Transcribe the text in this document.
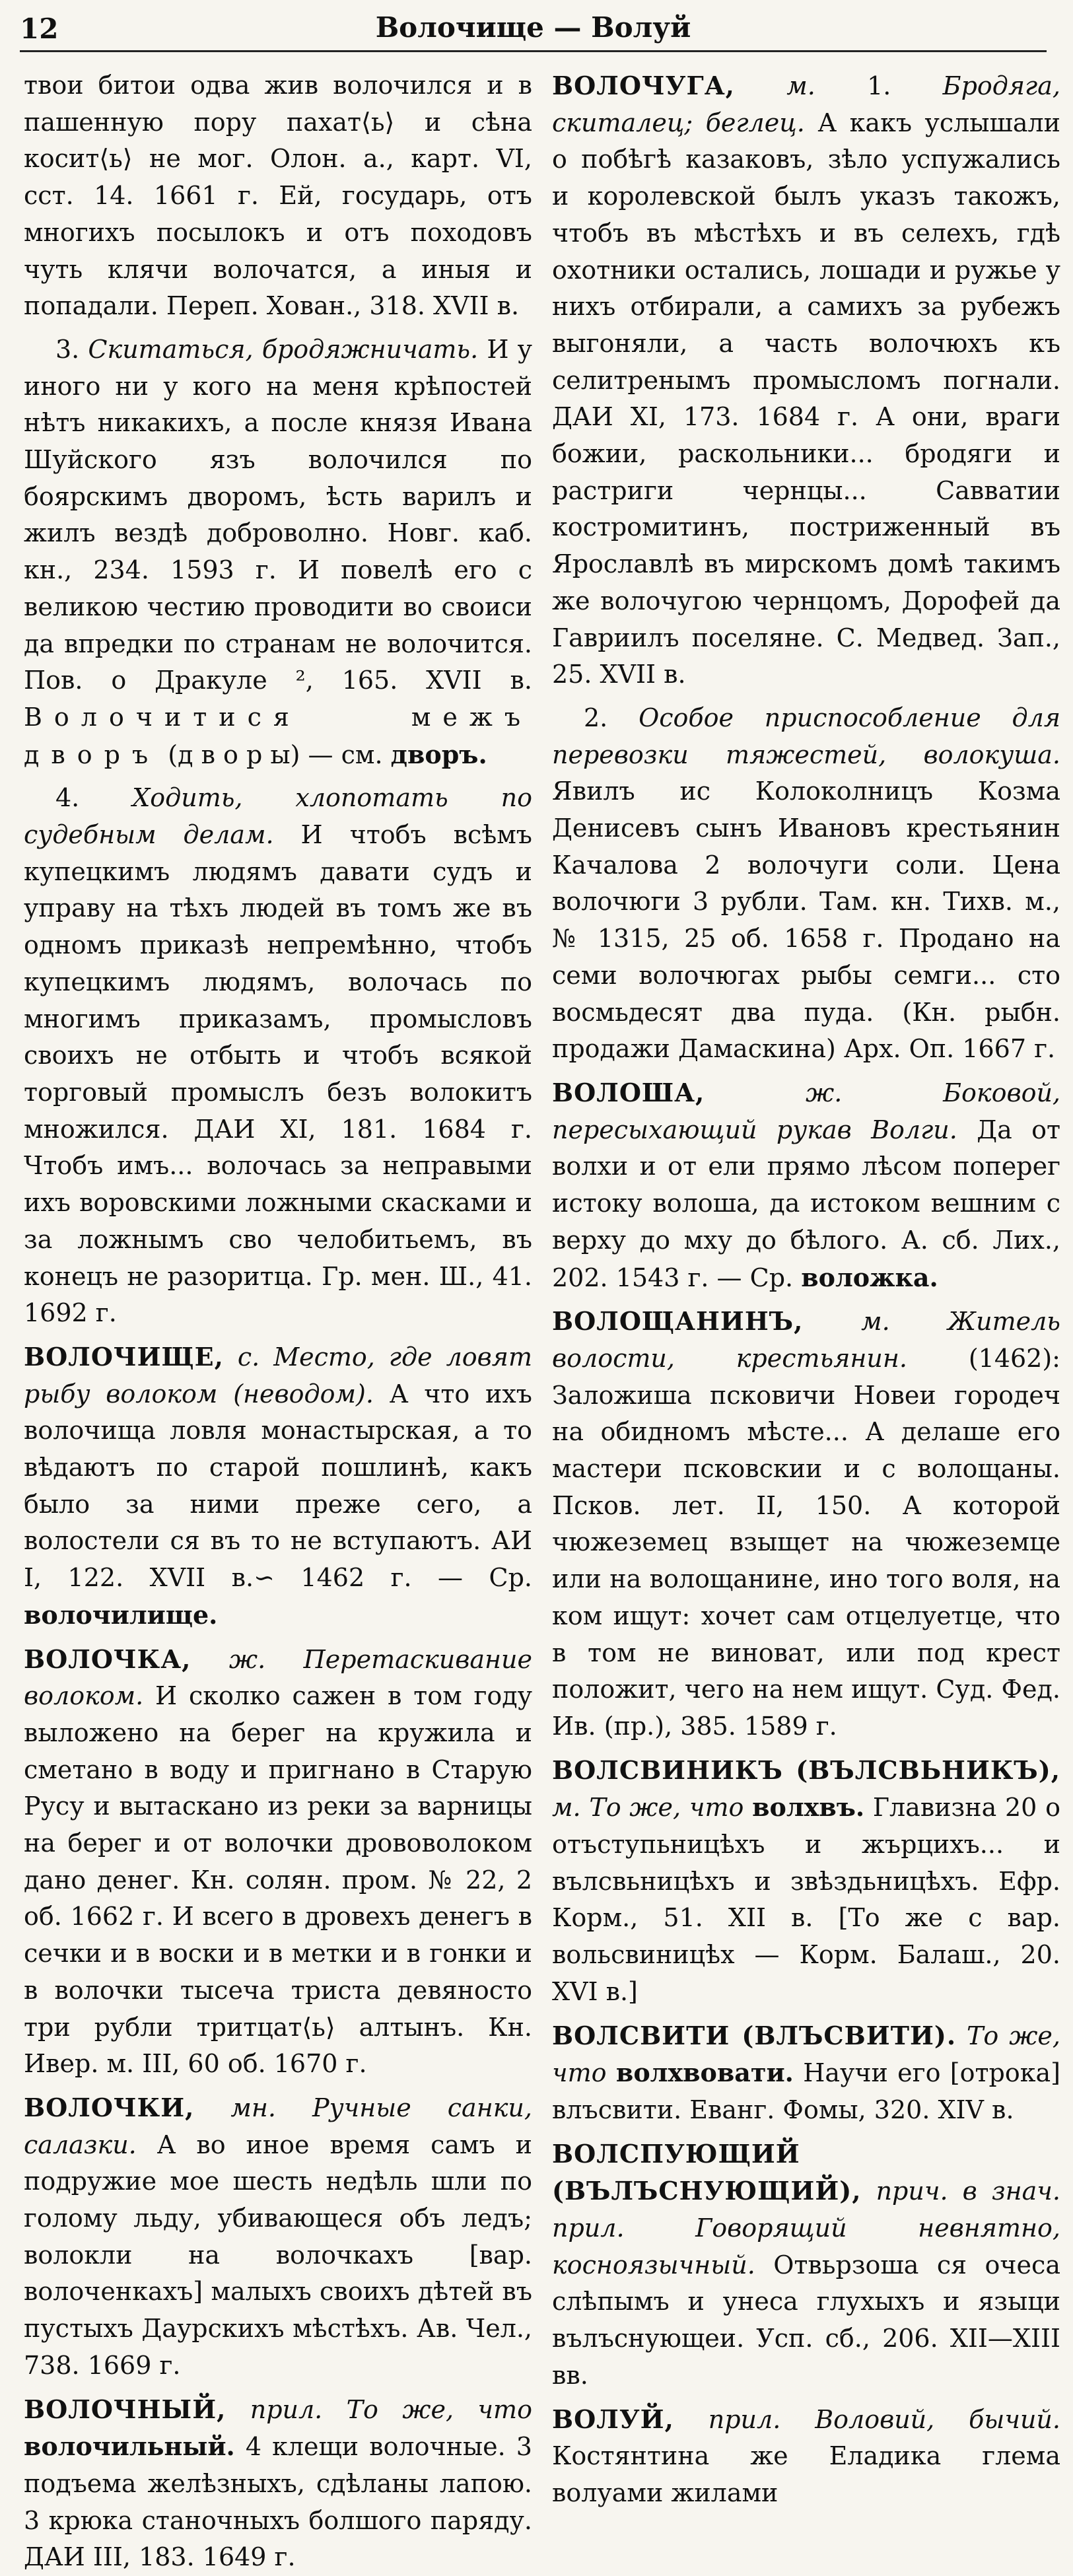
12	Волочище — Волуй

твои битои одва жив волочился и в пашенную пору пахат⟨ь⟩ и сѣна косит⟨ь⟩ не мог. Олон. а., карт. VI, сст. 14. 1661 г. Ей, государь, отъ многихъ посылокъ и отъ походовъ чуть клячи волочатся, а иныя и попадали. Переп. Хован., 318. XVII в.

3. Скитаться, бродяжничать. И у иного ни у кого на меня крѣпостей нѣтъ никакихъ, а после князя Ивана Шуйского язъ волочился по боярскимъ дворомъ, ѣсть варилъ и жилъ вездѣ доброволно. Новг. каб. кн., 234. 1593 г. И повелѣ его с великою честию проводити во своиси да впредки по странам не волочится. Пов. о Дракуле ², 165. XVII в. Волочитися межъ дворъ (д в о р ы) — см. дворъ.

4. Ходить, хлопотать по судебным делам. И чтобъ всѣмъ купецкимъ людямъ давати судъ и управу на тѣхъ людей въ томъ же въ одномъ приказѣ непремѣнно, чтобъ купецкимъ людямъ, волочась по многимъ приказамъ, промысловъ своихъ не отбыть и чтобъ всякой торговый промыслъ безъ волокитъ множился. ДАИ XI, 181. 1684 г. Чтобъ имъ... волочась за неправыми ихъ воровскими ложными скасками и за ложнымъ сво челобитьемъ, въ конецъ не разоритца. Гр. мен. Ш., 41. 1692 г.

ВОЛОЧИЩЕ, с. Место, где ловят рыбу волоком (неводом). А что ихъ волочища ловля монастырская, а то вѣдаютъ по старой пошлинѣ, какъ было за ними преже сего, а волостели ся въ то не вступаютъ. АИ I, 122. XVII в.∽ 1462 г. — Ср. волочилище.

ВОЛОЧКА, ж. Перетаскивание волоком. И сколко сажен в том году выложено на берег на кружила и сметано в воду и пригнано в Старую Русу и вытаскано из реки за варницы на берег и от волочки дрововолоком дано денег. Кн. солян. пром. № 22, 2 об. 1662 г. И всего в дровехъ денегъ в сечки и в воски и в метки и в гонки и в волочки тысеча триста девяносто три рубли тритцат⟨ь⟩ алтынъ. Кн. Ивер. м. III, 60 об. 1670 г.

ВОЛОЧКИ, мн. Ручные санки, салазки. А во иное время самъ и подружие мое шесть недѣль шли по голому льду, убивающеся объ ледъ; волокли на волочкахъ [вар. волоченкахъ] малыхъ своихъ дѣтей въ пустыхъ Даурскихъ мѣстѣхъ. Ав. Чел., 738. 1669 г.

ВОЛОЧНЫЙ, прил. То же, что волочильный. 4 клещи волочные. 3 подъема желѣзныхъ, сдѣланы лапою. 3 крюка станочныхъ болшого паряду. ДАИ III, 183. 1649 г.

ВОЛОЧУГА, м. 1. Бродяга, скиталец; беглец. А какъ услышали о побѣгѣ казаковъ, зѣло успужались и королевской былъ указъ такожъ, чтобъ въ мѣстѣхъ и въ селехъ, гдѣ охотники остались, лошади и ружье у нихъ отбирали, а самихъ за рубежъ выгоняли, а часть волочюхъ къ селитренымъ промысломъ погнали. ДАИ XI, 173. 1684 г. А они, враги божии, раскольники... бродяги и растриги чернцы... Савватии костромитинъ, постриженный въ Ярославлѣ въ мирскомъ домѣ такимъ же волочугою чернцомъ, Дорофей да Гавриилъ поселяне. С. Медвед. Зап., 25. XVII в.

2. Особое приспособление для перевозки тяжестей, волокуша. Явилъ ис Колоколницъ Козма Денисевъ сынъ Ивановъ крестьянин Качалова 2 волочуги соли. Цена волочюги 3 рубли. Там. кн. Тихв. м., № 1315, 25 об. 1658 г. Продано на семи волочюгах рыбы семги... сто восмьдесят два пуда. (Кн. рыбн. продажи Дамаскина) Арх. Оп. 1667 г.

ВОЛОША,	ж.	Боковой, пересыхающий рукав Волги. Да от волхи и от ели прямо лѣсом поперег истоку волоша, да истоком вешним с верху до мху до бѣлого. А. сб. Лих., 202. 1543 г. — Ср. воложка.

ВОЛОЩАНИНЪ, м. Житель волости, крестьянин. (1462): Заложиша псковичи Новеи городеч на обидномъ мѣсте... А делаше его мастери псковскии и с волощаны. Псков. лет. II, 150. А которой чюжеземец взыщет на чюжеземце или на волощанине, ино того воля, на ком ищут: хочет сам отцелуетце, что в том не виноват, или под крест положит, чего на нем ищут. Суд. Фед. Ив. (пр.), 385. 1589 г.

ВОЛСВИНИКЪ (ВЪЛСВЬНИКЪ), м. То же, что волхвъ. Главизна 20 о отъступьницѣхъ и жърцихъ... и вълсвьницѣхъ и звѣздьницѣхъ. Ефр. Корм., 51. XII в. [То же с вар. вольсвиницѣх — Корм. Балаш., 20. XVI в.]

ВОЛСВИТИ (ВЛЪСВИТИ). То же, что волхвовати. Научи его [отрока] влъсвити. Еванг. Фомы, 320. XIV в.

ВОЛСПУЮЩИЙ (ВЪЛЪСНУЮЩИЙ), прич. в знач. прил.	Говорящий невнятно, косноязычный. Отвьрзоша ся очеса слѣпымъ и унеса глухыхъ и языци вълъснующеи. Усп. сб., 206. XII—XIII вв.

ВОЛУЙ, прил. Воловий, бычий. Костянтина же Еладика глема волуами жилами
